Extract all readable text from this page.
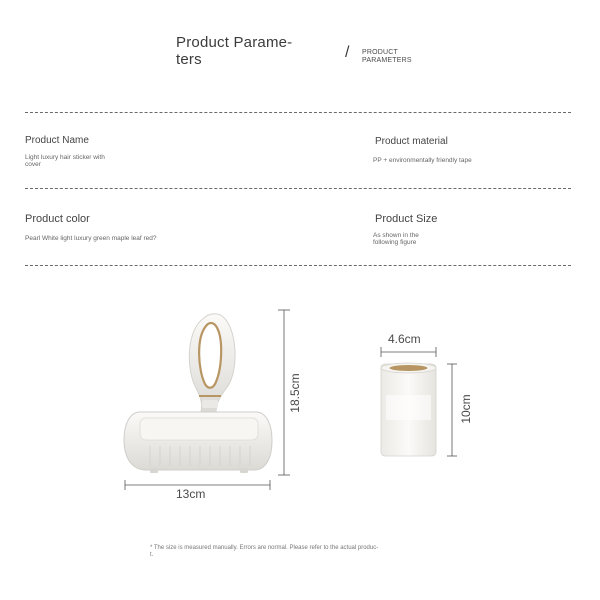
Product Parame-
ters	/ PRODUCT
PARAMETERS
Product Name
Light luxury hair sticker with
cover
Product material
PP + environmentally friendly tape
Product color
Pearl White light luxury green maple leaf red?
Product Size
As shown in the
following figure
18.5cm
13cm
4.6cm
10cm
* The size is measured manually. Errors are normal. Please refer to the actual produc-
t.
